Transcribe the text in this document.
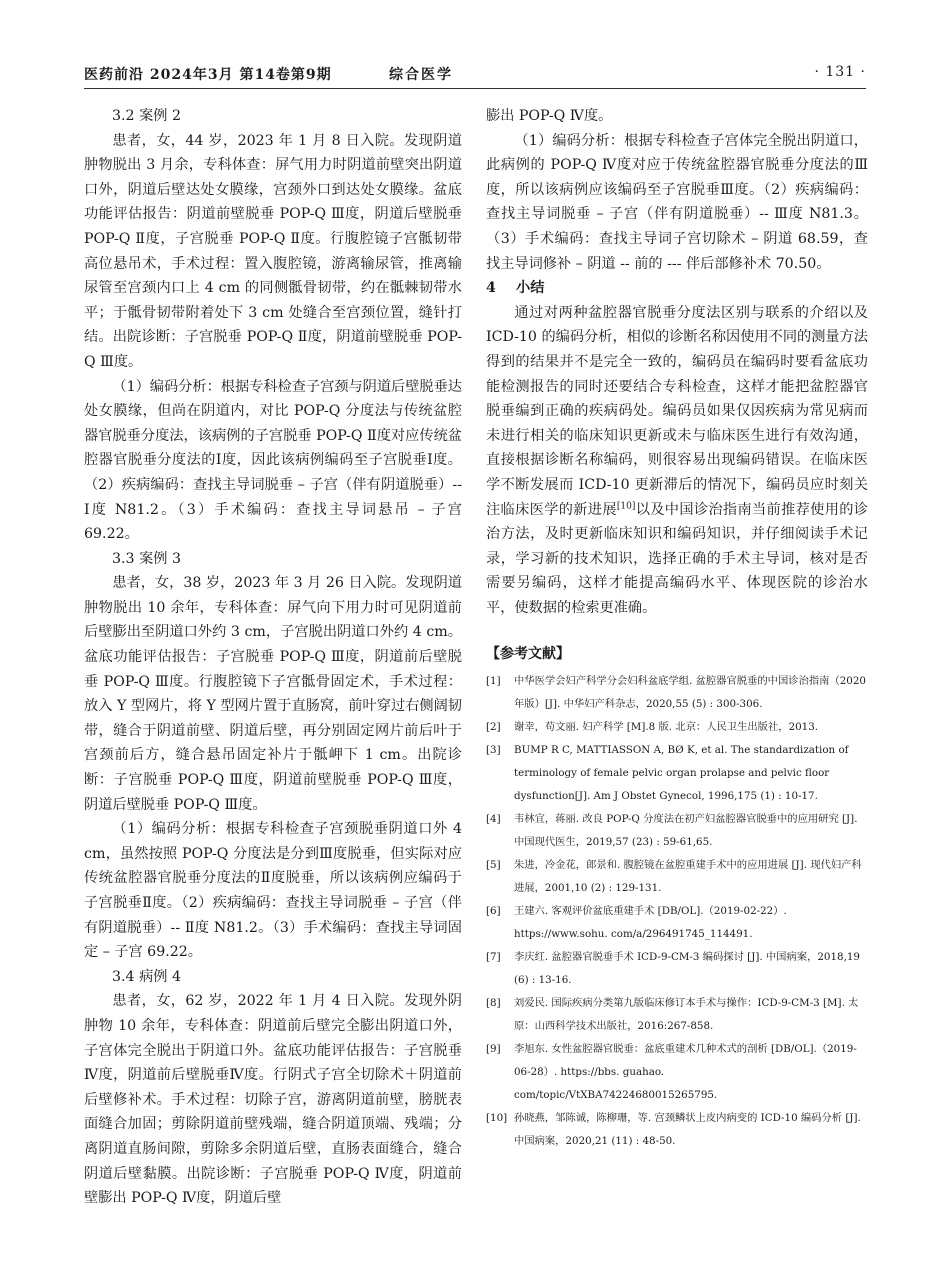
医药前沿 2024年3月 第14卷第9期	综合医学	· 131 ·
3.2 案例 2

患者，女，44 岁，2023 年 1 月 8 日入院。发现阴道肿物脱出 3 月余，专科体查：屏气用力时阴道前壁突出阴道口外，阴道后壁达处女膜缘，宫颈外口到达处女膜缘。盆底功能评估报告：阴道前壁脱垂 POP-Q Ⅲ度，阴道后壁脱垂 POP-Q Ⅱ度，子宫脱垂 POP-Q Ⅱ度。行腹腔镜子宫骶韧带高位悬吊术，手术过程：置入腹腔镜，游离输尿管，推离输尿管至宫颈内口上 4 cm 的同侧骶骨韧带，约在骶棘韧带水平；于骶骨韧带附着处下 3 cm 处缝合至宫颈位置，缝针打结。出院诊断：子宫脱垂 POP-Q Ⅱ度，阴道前壁脱垂 POP-Q Ⅲ度。

（1）编码分析：根据专科检查子宫颈与阴道后壁脱垂达处女膜缘，但尚在阴道内，对比 POP-Q 分度法与传统盆腔器官脱垂分度法，该病例的子宫脱垂 POP-Q Ⅱ度对应传统盆腔器官脱垂分度法的Ⅰ度，因此该病例编码至子宫脱垂Ⅰ度。（2）疾病编码：查找主导词脱垂 – 子宫（伴有阴道脱垂）-- Ⅰ度 N81.2。（3）手术编码：查找主导词悬吊 – 子宫 69.22。

3.3 案例 3

患者，女，38 岁，2023 年 3 月 26 日入院。发现阴道肿物脱出 10 余年，专科体查：屏气向下用力时可见阴道前后壁膨出至阴道口外约 3 cm，子宫脱出阴道口外约 4 cm。盆底功能评估报告：子宫脱垂 POP-Q Ⅲ度，阴道前后壁脱垂 POP-Q Ⅲ度。行腹腔镜下子宫骶骨固定术，手术过程：放入 Y 型网片，将 Y 型网片置于直肠窝，前叶穿过右侧阔韧带，缝合于阴道前壁、阴道后壁，再分别固定网片前后叶于宫颈前后方，缝合悬吊固定补片于骶岬下 1 cm。出院诊断：子宫脱垂 POP-Q Ⅲ度，阴道前壁脱垂 POP-Q Ⅲ度，阴道后壁脱垂 POP-Q Ⅲ度。

（1）编码分析：根据专科检查子宫颈脱垂阴道口外 4 cm，虽然按照 POP-Q 分度法是分到Ⅲ度脱垂，但实际对应传统盆腔器官脱垂分度法的Ⅱ度脱垂，所以该病例应编码于子宫脱垂Ⅱ度。（2）疾病编码：查找主导词脱垂 – 子宫（伴有阴道脱垂）-- Ⅱ度 N81.2。（3）手术编码：查找主导词固定 – 子宫 69.22。

3.4 病例 4

患者，女，62 岁，2022 年 1 月 4 日入院。发现外阴肿物 10 余年，专科体查：阴道前后壁完全膨出阴道口外，子宫体完全脱出于阴道口外。盆底功能评估报告：子宫脱垂Ⅳ度，阴道前后壁脱垂Ⅳ度。行阴式子宫全切除术＋阴道前后壁修补术。手术过程：切除子宫，游离阴道前壁，膀胱表面缝合加固；剪除阴道前壁残端，缝合阴道顶端、残端；分离阴道直肠间隙，剪除多余阴道后壁，直肠表面缝合，缝合阴道后壁黏膜。出院诊断：子宫脱垂 POP-Q Ⅳ度，阴道前壁膨出 POP-Q Ⅳ度，阴道后壁

膨出 POP-Q Ⅳ度。

（1）编码分析：根据专科检查子宫体完全脱出阴道口，此病例的 POP-Q Ⅳ度对应于传统盆腔器官脱垂分度法的Ⅲ度，所以该病例应该编码至子宫脱垂Ⅲ度。（2）疾病编码：查找主导词脱垂 – 子宫（伴有阴道脱垂）-- Ⅲ度 N81.3。（3）手术编码：查找主导词子宫切除术 – 阴道 68.59，查找主导词修补 – 阴道 -- 前的 --- 伴后部修补术 70.50。

4 小结

通过对两种盆腔器官脱垂分度法区别与联系的介绍以及 ICD-10 的编码分析，相似的诊断名称因使用不同的测量方法得到的结果并不是完全一致的，编码员在编码时要看盆底功能检测报告的同时还要结合专科检查，这样才能把盆腔器官脱垂编到正确的疾病码处。编码员如果仅因疾病为常见病而未进行相关的临床知识更新或未与临床医生进行有效沟通，直接根据诊断名称编码，则很容易出现编码错误。在临床医学不断发展而 ICD-10 更新滞后的情况下，编码员应时刻关注临床医学的新进展[10]以及中国诊治指南当前推荐使用的诊治方法，及时更新临床知识和编码知识，并仔细阅读手术记录，学习新的技术知识，选择正确的手术主导词，核对是否需要另编码，这样才能提高编码水平、体现医院的诊治水平，使数据的检索更准确。

【参考文献】
[1] 中华医学会妇产科学分会妇科盆底学组. 盆腔器官脱垂的中国诊治指南（2020 年版）[J]. 中华妇产科杂志，2020,55 (5) : 300-306.
[2] 谢幸，苟文丽. 妇产科学 [M].8 版. 北京：人民卫生出版社，2013.
[3] BUMP R C, MATTIASSON A, BØ K, et al. The standardization of terminology of female pelvic organ prolapse and pelvic floor dysfunction[J]. Am J Obstet Gynecol, 1996,175 (1) : 10-17.
[4] 韦林宜，蒋丽. 改良 POP-Q 分度法在初产妇盆腔器官脱垂中的应用研究 [J]. 中国现代医生，2019,57 (23) : 59-61,65.
[5] 朱进，冷金花，郎景和. 腹腔镜在盆腔重建手术中的应用进展 [J]. 现代妇产科进展，2001,10 (2) : 129-131.
[6] 王建六. 客观评价盆底重建手术 [DB/OL].（2019-02-22）. https://www.sohu. com/a/296491745_114491.
[7] 李庆红. 盆腔器官脱垂手术 ICD-9-CM-3 编码探讨 [J]. 中国病案，2018,19 (6) : 13-16.
[8] 刘爱民. 国际疾病分类第九版临床修订本手术与操作：ICD-9-CM-3 [M]. 太原：山西科学技术出版社，2016:267-858.
[9] 李旭东. 女性盆腔器官脱垂：盆底重建术几种术式的剖析 [DB/OL].（2019-06-28）. https://bbs. guahao. com/topic/VtXBA74224680015265795.
[10] 孙晓燕，邹陈诚，陈柳珊，等. 宫颈鳞状上皮内病变的 ICD-10 编码分析 [J]. 中国病案，2020,21 (11) : 48-50.
